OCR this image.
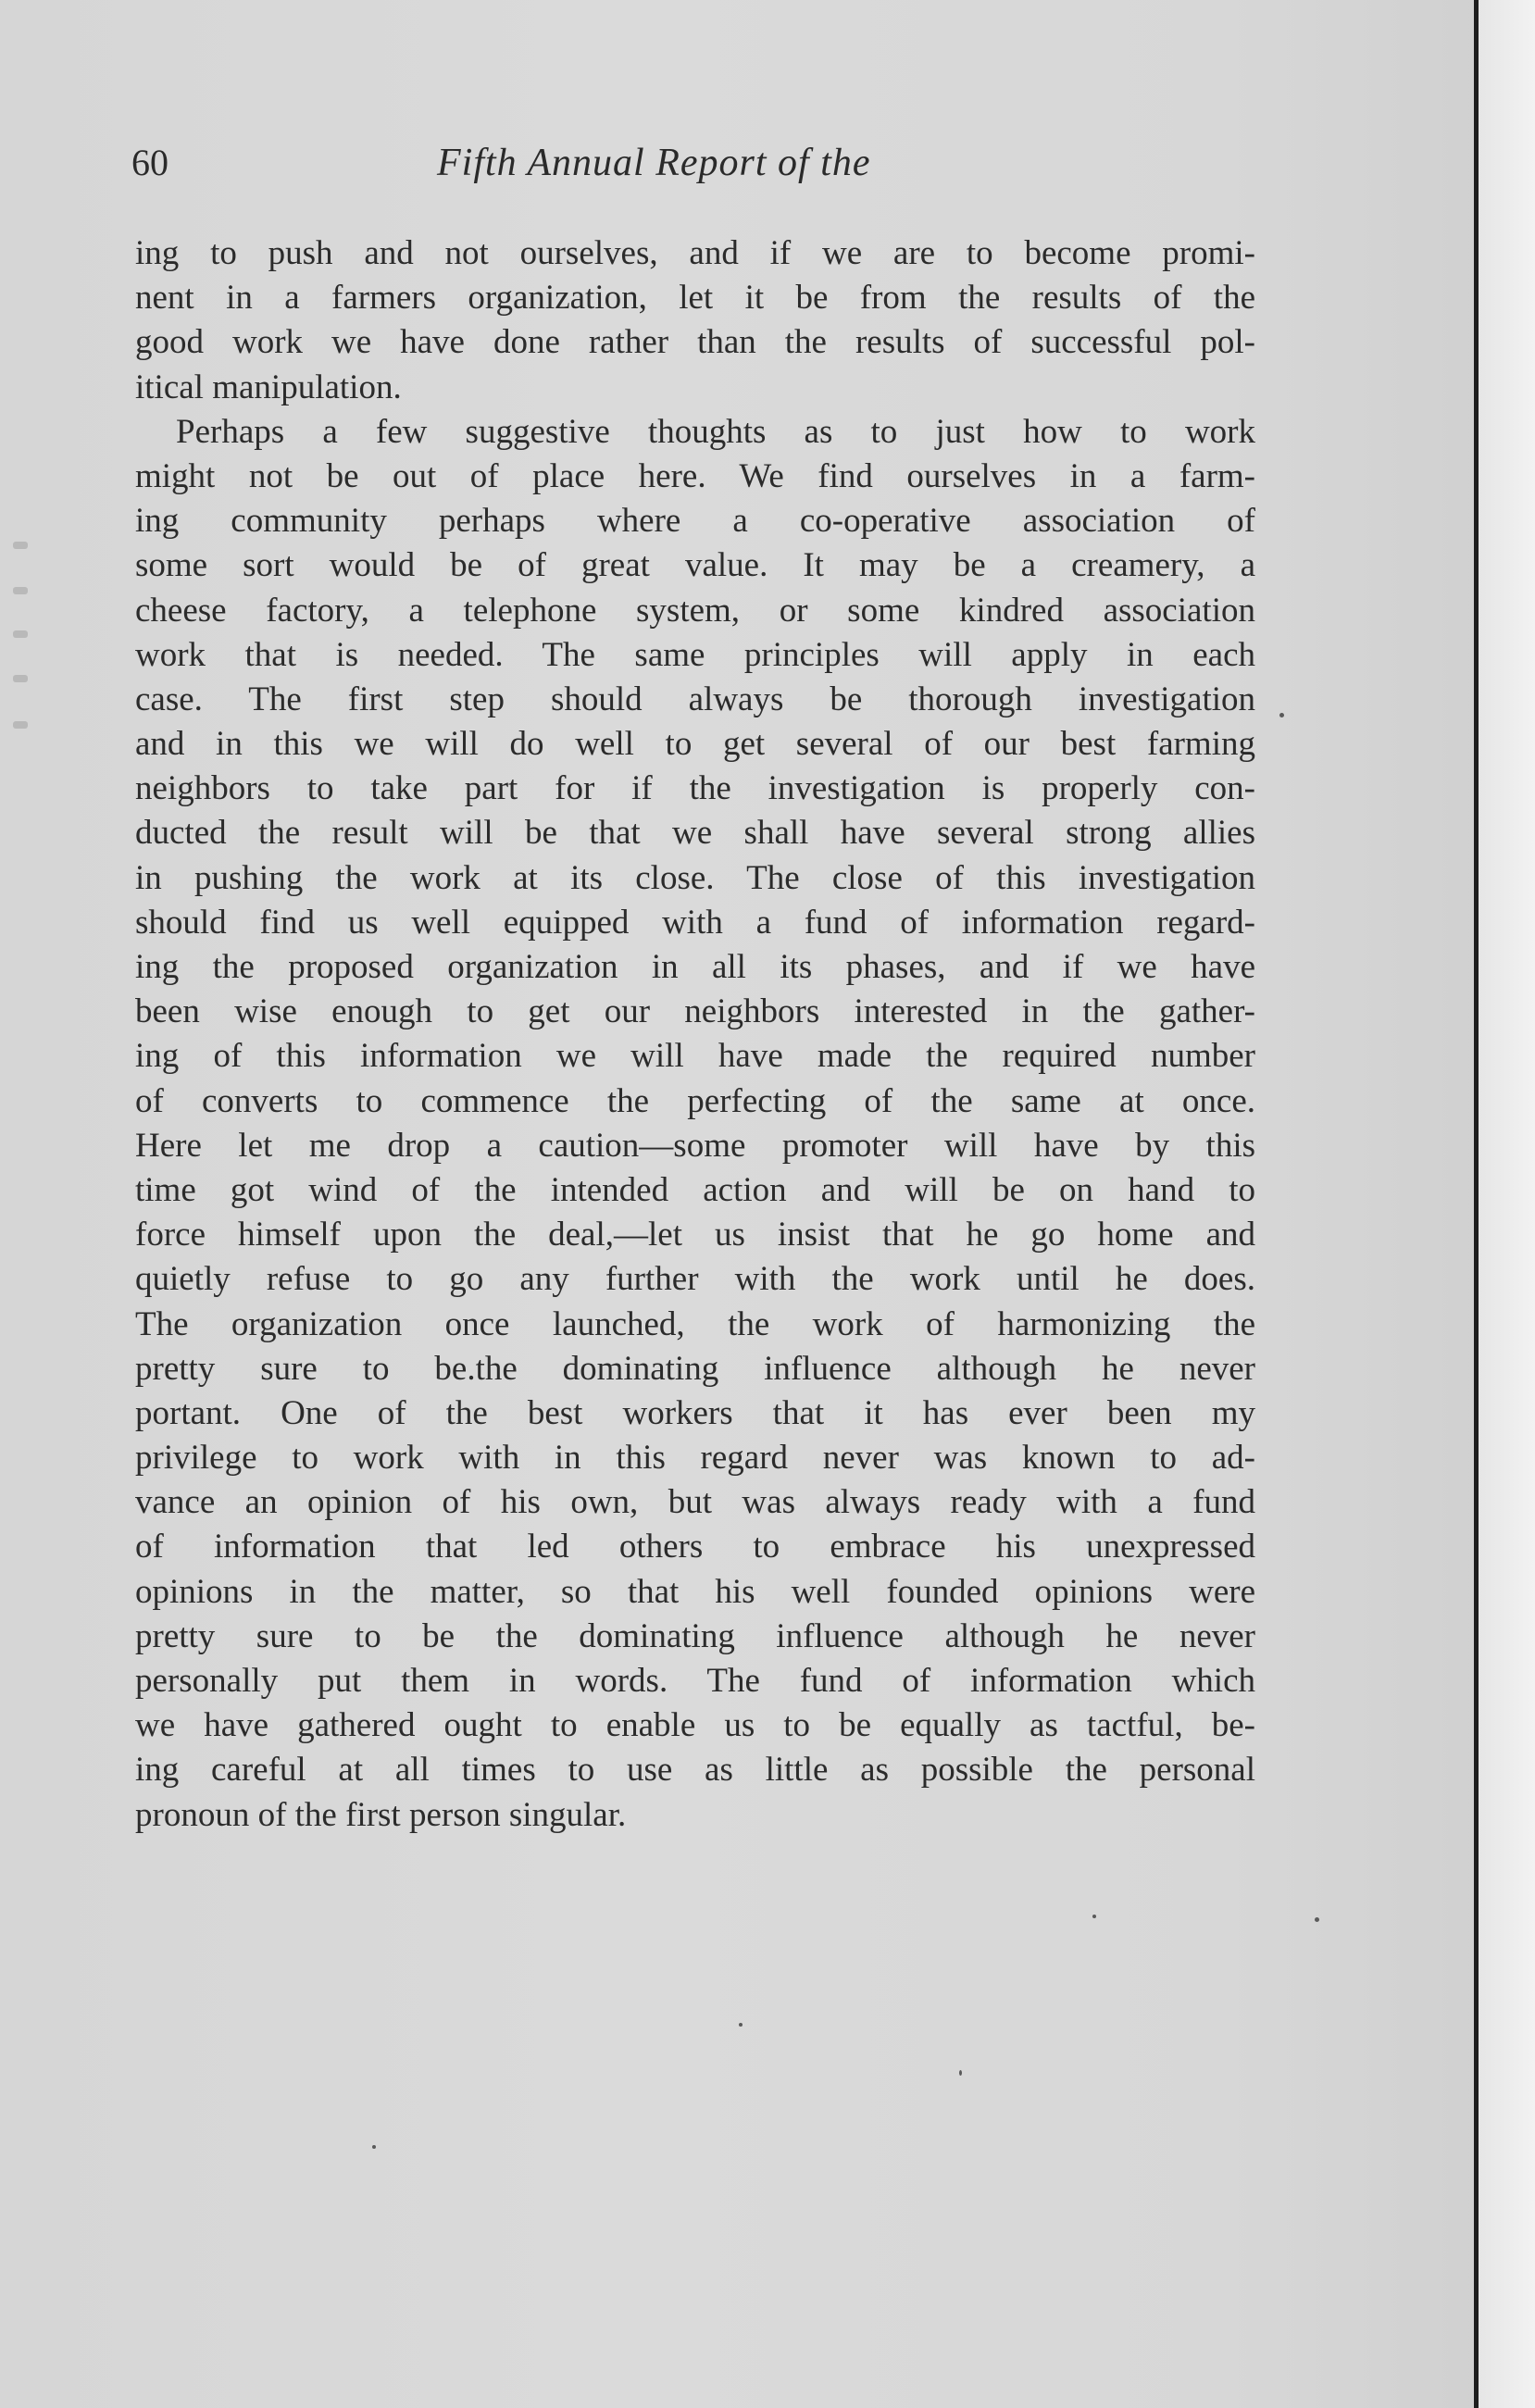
60	Fifth Annual Report of the
ing to push and not ourselves, and if we are to become promi-
nent in a farmers organization, let it be from the results of the
good work we have done rather than the results of successful pol-
itical manipulation.
Perhaps a few suggestive thoughts as to just how to work
might not be out of place here. We find ourselves in a farm-
ing community perhaps where a co-operative association of
some sort would be of great value. It may be a creamery, a
cheese factory, a telephone system, or some kindred association
work that is needed. The same principles will apply in each
case. The first step should always be thorough investigation
and in this we will do well to get several of our best farming
neighbors to take part for if the investigation is properly con-
ducted the result will be that we shall have several strong allies
in pushing the work at its close. The close of this investigation
should find us well equipped with a fund of information regard-
ing the proposed organization in all its phases, and if we have
been wise enough to get our neighbors interested in the gather-
ing of this information we will have made the required number
of converts to commence the perfecting of the same at once.
Here let me drop a caution—some promoter will have by this
time got wind of the intended action and will be on hand to
force himself upon the deal,—let us insist that he go home and
quietly refuse to go any further with the work until he does.
The organization once launched, the work of harmonizing the
pretty sure to be.the dominating influence although he never
portant. One of the best workers that it has ever been my
privilege to work with in this regard never was known to ad-
vance an opinion of his own, but was always ready with a fund
of information that led others to embrace his unexpressed
opinions in the matter, so that his well founded opinions were
pretty sure to be the dominating influence although he never
personally put them in words. The fund of information which
we have gathered ought to enable us to be equally as tactful, be-
ing careful at all times to use as little as possible the personal
pronoun of the first person singular.
